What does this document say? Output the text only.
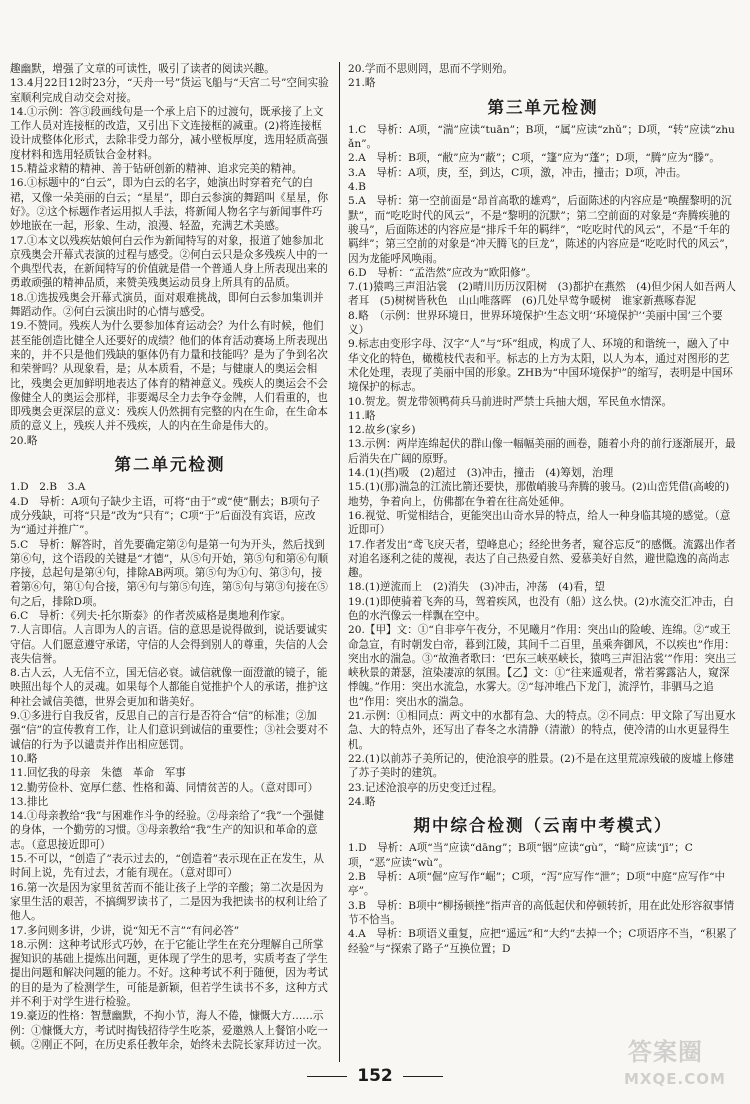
趣幽默，增强了文章的可读性，吸引了读者的阅读兴趣。

13.4月22日12时23分，“天舟一号”货运飞船与“天宫二号”空间实验室顺利完成自动交会对接。

14.①示例：答③段画线句是一个承上启下的过渡句，既承接了上文工作人员对连接框的改造，又引出下文连接框的减重。(2)将连接框设计成整体化形式，去除非受力部分，减小壁板厚度，选用轻质高强度材料和选用轻质钛合金材料。

15.精益求精的精神、善于钻研创新的精神、追求完美的精神。

16.①标题中的“白云”，即为白云的名字，她演出时穿着充气的白裙，又像一朵美丽的白云；“星星”，即白云参演的舞蹈叫《星星，你好》。②这个标题作者运用拟人手法，将新闻人物名字与新闻事件巧妙地嵌在一起，形象、生动，浪漫、轻盈，充满艺术美感。

17.①本文以残疾姑娘何白云作为新闻特写的对象，报道了她参加北京残奥会开幕式表演的过程与感受。②何白云只是众多残疾人中的一个典型代表，在新闻特写的价值就是借一个普通人身上所表现出来的勇敢顽强的精神品质，来赞美残奥运动员身上所具有的品质。

18.①选拔残奥会开幕式演员，面对艰难挑战，即何白云参加集训并舞蹈动作。②何白云演出时的心情与感受。

19.不赞同。残疾人为什么要参加体育运动会？为什么有时候，他们甚至能创造比健全人还要好的成绩？他们的体育活动赛场上所表现出来的，并不只是他们残缺的躯体仍有力量和技能吗？是为了争到名次和荣誉吗？从现象看，是；从本质看，不是；与健康人的奥运会相比，残奥会更加鲜明地表达了体育的精神意义。残疾人的奥运会不会像健全人的奥运会那样，非要竭尽全力去争夺金牌，人们看重的，也即残奥会更深层的意义：残疾人仍然拥有完整的内在生命，在生命本质的意义上，残疾人并不残疾，人的内在生命是伟大的。

20.略

第二单元检测

1.D　2.B　3.A

4.D　导析：A项句子缺少主语，可将“由于”或“使”删去；B项句子成分残缺，可将“只是”改为“只有”；C项“于”后面没有宾语，应改为“通过并推广”。

5.C　导析：解答时，首先要确定第②句是第一句为开头，然后找到第⑥句，这个语段的关键是“才德”，从⑤句开始，第⑤句和第⑥句顺序接，总起句是第④句，排除AB两项。第⑤句为①句、第③句，接着第⑥句，第①句合接，第④句与第⑤句连，第⑤句与第③句接在⑤句之后，排除D项。

6.C　导析：《列夫·托尔斯泰》的作者茨威格是奥地利作家。

7.人言即信。人言即为人的言语。信的意思是说得做到，说话要诚实守信。人们愿意遵守承诺，守信的人会得到别人的尊重，失信的人会丧失信誉。

8.古人云，人无信不立，国无信必衰。诚信就像一面澄澈的镜子，能映照出每个人的灵魂。如果每个人都能自觉推护个人的承诺，推护这种社会诚信美德，世界会更加和谐美好。

9.①多进行自我反省，反思自己的言行是否符合“信”的标准；②加强“信”的宣传教育工作，让人们意识到诚信的重要性；③社会要对不诚信的行为予以谴责并作出相应惩罚。

10.略

11.回忆我的母亲　朱德　革命　军事

12.勤劳俭朴、宽厚仁慈、性格和蔼、同情贫苦的人。（意对即可）

13.排比

14.①母亲教给“我”与困难作斗争的经验。②母亲给了“我”一个强健的身体，一个勤劳的习惯。③母亲教给“我”生产的知识和革命的意志。（意思接近即可）

15.不可以，“创造了”表示过去的，“创造着”表示现在正在发生，从时间上说，先有过去，才能有现在。（意对即可）

16.第一次是因为家里贫苦而不能让孩子上学的辛酸；第二次是因为家里生活的艰苦，不搞绸罗读书了，二是因为我把读书的权利让给了他人。

17.多问则多讲，少讲，说“知无不言”“有问必答”

18.示例：这种考试形式巧妙，在于它能让学生在充分理解自己所掌握知识的基础上提炼出问题，更体现了学生的思考，实质考查了学生提出问题和解决问题的能力。不好。这种考试不利于随便，因为考试的目的是为了检测学生，可能是新颖，但若学生读书不多，这种方式并不利于对学生进行检验。

19.豪迈的性格：智慧幽默，不拘小节，海人不倦，慷慨大方……示例：①慷慨大方，考试时掏钱招待学生吃茶，爱邀熟人上餐馆小吃一顿。②刚正不阿，在历史系任教年余，始终未去院长家拜访过一次。

20.学而不思则罔，思而不学则殆。

21.略

第三单元检测

1.C　导析：A项，“湍”应读“tuān”；B项，“属”应读“zhǔ”；D项，“转”应读“zhuǎn”。

2.A　导析：B项，“敝”应为“蔽”；C项，“篷”应为“蓬”；D项，“腾”应为“滕”。

3.A　导析：A项，庚，至，到达，C项，激，冲击，撞击；D项，冲击。

4.B

5.A　导析：第一空前面是“昂首高歌的雄鸡”，后面陈述的内容应是“唤醒黎明的沉默”，而“吃吃时代的风云”，不是“黎明的沉默”；第二空前面的对象是“奔腾疾驰的骏马”，后面陈述的内容应是“排斥千年的羁绊”，“吃吃时代的风云”，不是“千年的羁绊”；第三空前的对象是“冲天腾飞的巨龙”，陈述的内容应是“吃吃时代的风云”，因为龙能呼风唤雨。

6.D　导析：“孟浩然”应改为“欧阳修”。

7.(1)猿鸣三声泪沾裳　(2)晴川历历汉阳树　(3)都护在燕然　(4)但少闲人如吾两人者耳　(5)树树皆秋色　山山唯落晖　(6)几处早莺争暖树　谁家新燕啄春泥

8.略　（示例：世界环境日，世界环境保护‘生态文明’‘环境保护’‘美丽中国’三个要义）

9.标志由变形字母、汉字“人”与“环”组成，构成了人、环境的和谐统一，融入了中华文化的特色，橄榄枝代表和平。标志的上方为太阳，以人为本，通过对图形的艺术化处理，表现了美丽中国的形象。ZHB为“中国环境保护”的缩写，表明是中国环境保护的标志。

10.贺龙。贺龙带领鸭荷兵马前进时严禁士兵抽大烟，军民鱼水情深。

11.略

12.故乡(家乡)

13.示例：两岸连绵起伏的群山像一幅幅美丽的画卷，随着小舟的前行逐渐展开，最后消失在广阔的原野。

14.(1)(挡)吸　(2)超过　(3)冲击，撞击　(4)筹划，治理

15.(1)(那)湍急的江流比箭还要快，那傲峭骏马奔腾的骏马。(2)山峦凭借(高峻的)地势，争着向上，仿佛都在争着在往高处延伸。

16.视觉、听觉相结合，更能突出山奇水异的特点，给人一种身临其境的感觉。（意近即可）

17.作者发出“鸢飞戾天者，望峰息心；经纶世务者，窥谷忘反”的感慨。流露出作者对追名逐利之徒的蔑视，表达了自己热爱自然、爱慕美好自然，避世隐逸的高尚志趣。

18.(1)逆流而上　(2)消失　(3)冲击，冲荡　(4)看，望

19.(1)即使骑着飞奔的马，驾着疾风，也没有（船）这么快。(2)水流交汇冲击，白色的水汽像云一样飘在空中。

20.【甲】文：①“自非亭午夜分，不见曦月”作用：突出山的险峻、连绵。②“或王命急宣，有时朝发白帝，暮到江陵，其间千二百里，虽乘奔御风，不以疾也”作用：突出水的湍急。③“故渔者歌曰：‘巴东三峡巫峡长，猿鸣三声泪沾裳’”作用：突出三峡秋景的萧瑟，渲染凄凉的氛围。【乙】文：①“往来遥观者，常若雾露沾人，窥深悸魄。”作用：突出水流急，水雾大。②“每冲堆凸下龙门，流浮竹，非驷马之追也”作用：突出水的湍急。

21.示例：①相同点：两文中的水都有急、大的特点。②不同点：甲文除了写出夏水急、大的特点外，还写出了春冬之水清静（清澈）的特点，使冷清的山水更显得生机。

22.(1)以前苏子美所记的，使沧浪亭的胜景。(2)不是在这里荒凉残破的废墟上修建了苏子美时的建筑。

23.记述沧浪亭的历史变迁过程。

24.略

期中综合检测（云南中考模式）

1.D　导析：A项“当”应读“dāng”；B项“铟”应读“gù”，“畸”应读“jī”；C项，“恶”应读“wù”。

2.B　导析：A项“倔”应写作“崛”；C项，“泻”应写作“泄”；D项“中庭”应写作“中亭”。

3.B　导析：B项中“柳扬顿挫”指声音的高低起伏和停顿转折，用在此处形容叙事情节不恰当。

4.A　导析：B项语义重复，应把“遥远”和“大约”去掉一个；C项语序不当，“积累了经验”与“探索了路子”互换位置；D

152
答案圈
MXQE.COM
